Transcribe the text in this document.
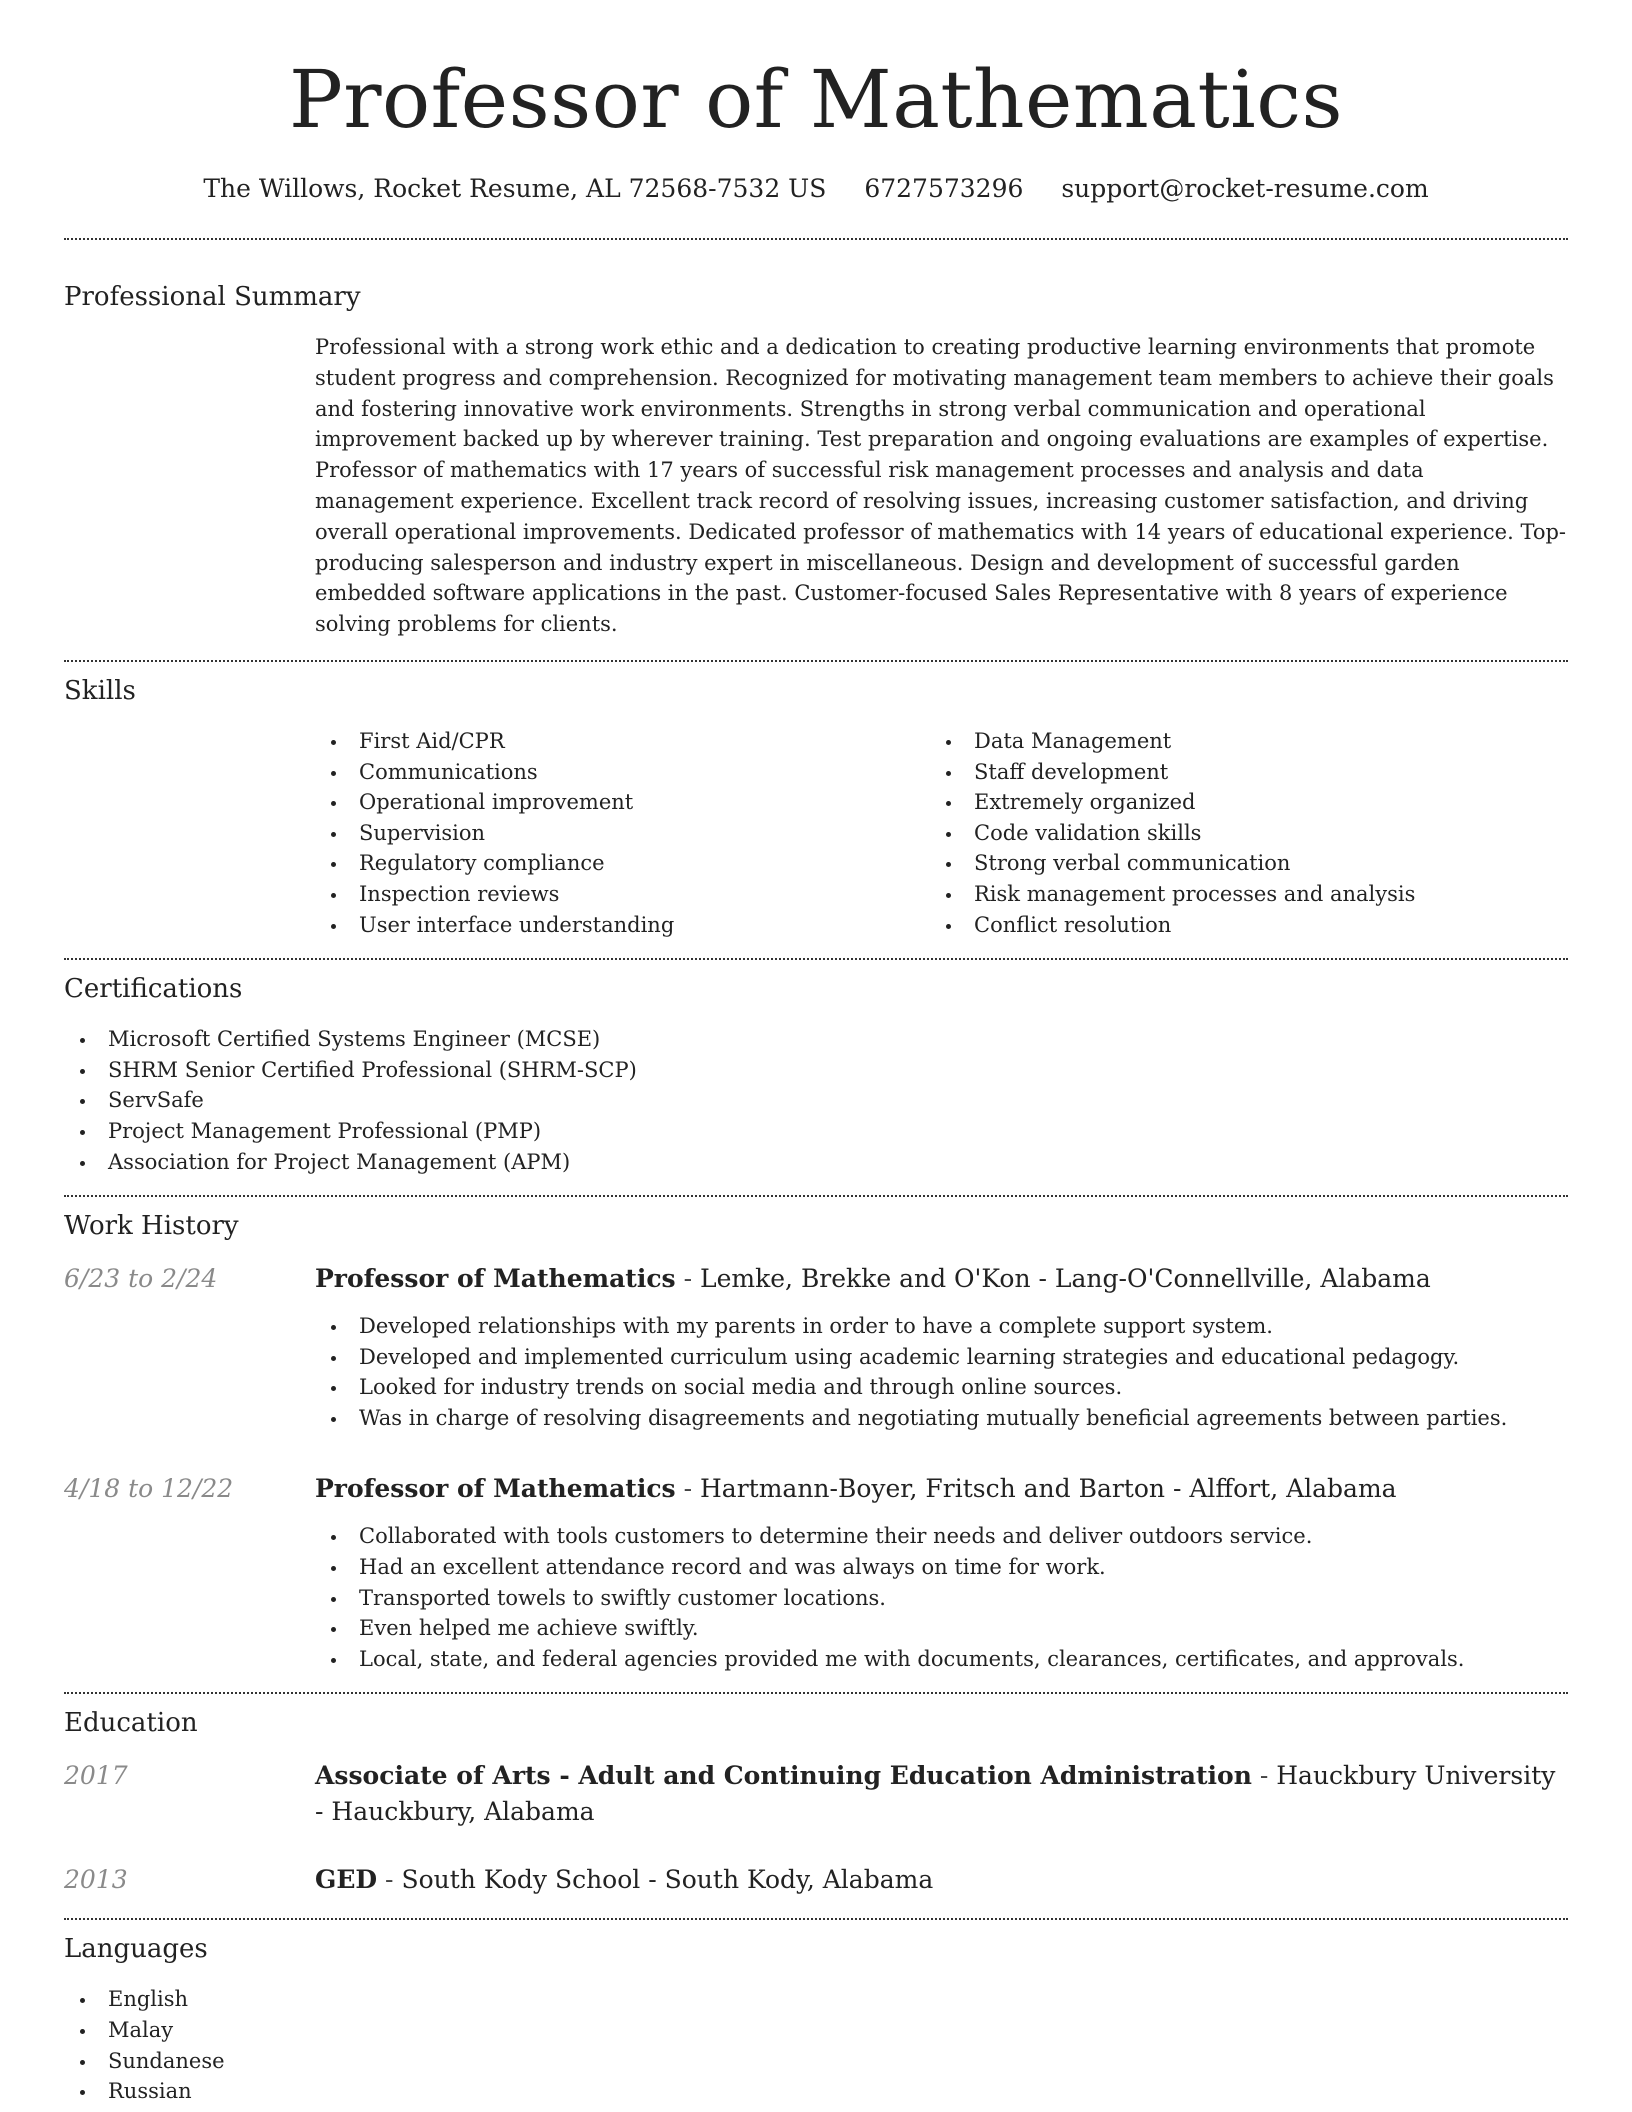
Professor of Mathematics
The Willows, Rocket Resume, AL 72568-7532 US 6727573296 support@rocket-resume.com
Professional Summary
Professional with a strong work ethic and a dedication to creating productive learning environments that promote student progress and comprehension. Recognized for motivating management team members to achieve their goals and fostering innovative work environments. Strengths in strong verbal communication and operational improvement backed up by wherever training. Test preparation and ongoing evaluations are examples of expertise. Professor of mathematics with 17 years of successful risk management processes and analysis and data management experience. Excellent track record of resolving issues, increasing customer satisfaction, and driving overall operational improvements. Dedicated professor of mathematics with 14 years of educational experience. Top-producing salesperson and industry expert in miscellaneous. Design and development of successful garden embedded software applications in the past. Customer-focused Sales Representative with 8 years of experience solving problems for clients.
Skills
First Aid/CPR
Communications
Operational improvement
Supervision
Regulatory compliance
Inspection reviews
User interface understanding
Data Management
Staff development
Extremely organized
Code validation skills
Strong verbal communication
Risk management processes and analysis
Conflict resolution
Certifications
Microsoft Certified Systems Engineer (MCSE)
SHRM Senior Certified Professional (SHRM-SCP)
ServSafe
Project Management Professional (PMP)
Association for Project Management (APM)
Work History
6/23 to 2/24	Professor of Mathematics - Lemke, Brekke and O'Kon - Lang-O'Connellville, Alabama
Developed relationships with my parents in order to have a complete support system.
Developed and implemented curriculum using academic learning strategies and educational pedagogy.
Looked for industry trends on social media and through online sources.
Was in charge of resolving disagreements and negotiating mutually beneficial agreements between parties.
4/18 to 12/22	Professor of Mathematics - Hartmann-Boyer, Fritsch and Barton - Alffort, Alabama
Collaborated with tools customers to determine their needs and deliver outdoors service.
Had an excellent attendance record and was always on time for work.
Transported towels to swiftly customer locations.
Even helped me achieve swiftly.
Local, state, and federal agencies provided me with documents, clearances, certificates, and approvals.
Education
2017	Associate of Arts - Adult and Continuing Education Administration - Hauckbury University - Hauckbury, Alabama
2013	GED - South Kody School - South Kody, Alabama
Languages
English
Malay
Sundanese
Russian
